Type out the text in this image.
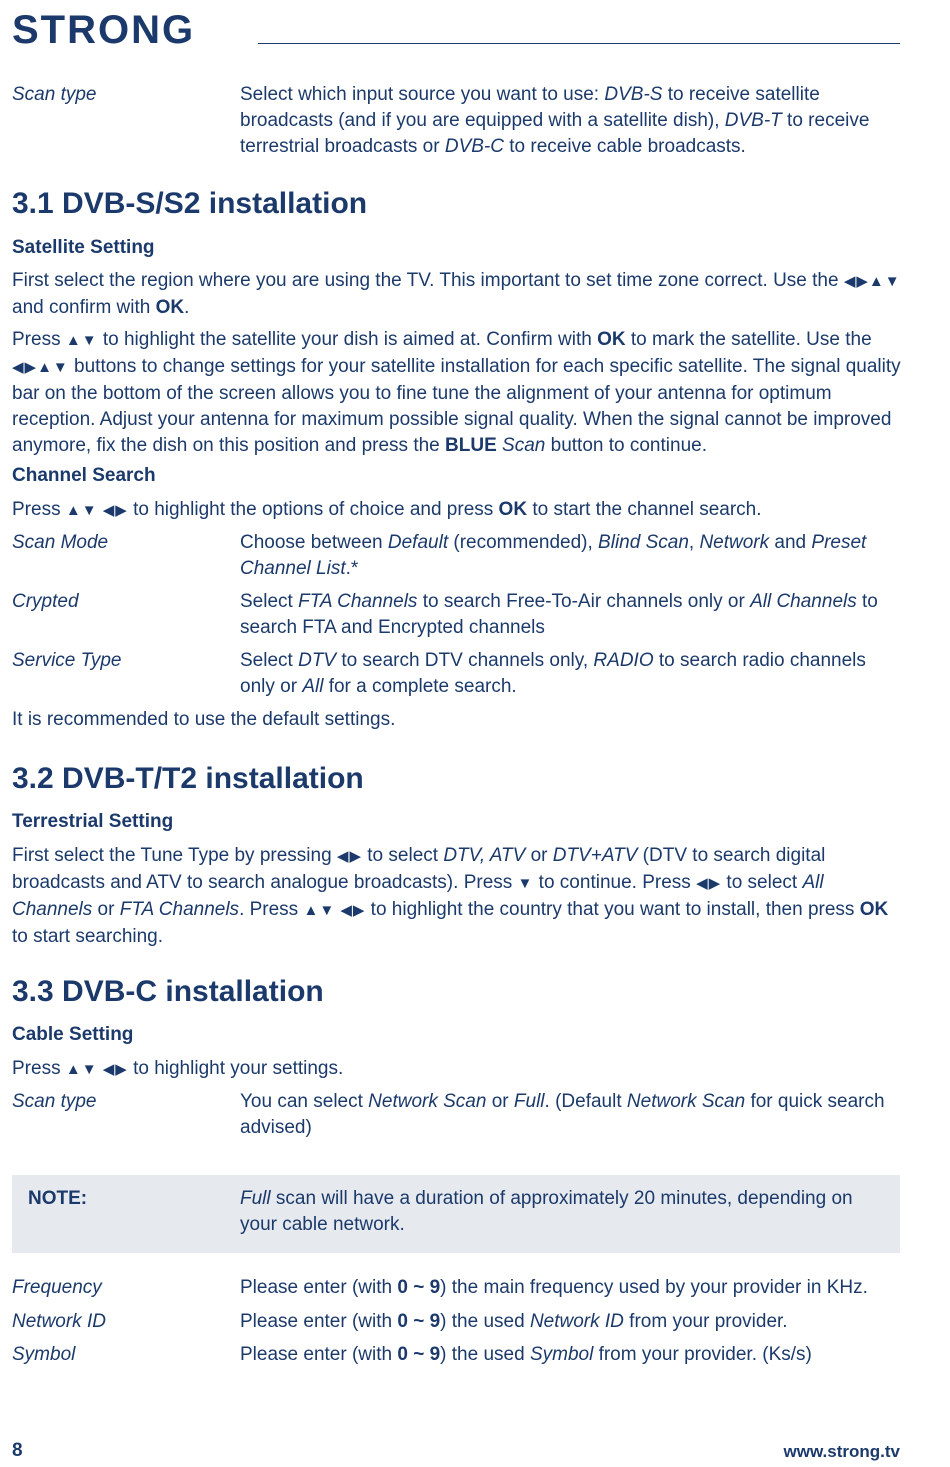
STRONG
Scan type	Select which input source you want to use: DVB-S to receive satellite broadcasts (and if you are equipped with a satellite dish), DVB-T to receive terrestrial broadcasts or DVB-C to receive cable broadcasts.
3.1 DVB-S/S2 installation
Satellite Setting
First select the region where you are using the TV. This important to set time zone correct. Use the ◀▶▲▼ and confirm with OK.
Press ▲▼ to highlight the satellite your dish is aimed at. Confirm with OK to mark the satellite. Use the ◀▶▲▼ buttons to change settings for your satellite installation for each specific satellite. The signal quality bar on the bottom of the screen allows you to fine tune the alignment of your antenna for optimum reception. Adjust your antenna for maximum possible signal quality. When the signal cannot be improved anymore, fix the dish on this position and press the BLUE Scan button to continue.
Channel Search
Press ▲▼ ◀▶ to highlight the options of choice and press OK to start the channel search.
Scan Mode	Choose between Default (recommended), Blind Scan, Network and Preset Channel List.*
Crypted	Select FTA Channels to search Free-To-Air channels only or All Channels to search FTA and Encrypted channels
Service Type	Select DTV to search DTV channels only, RADIO to search radio channels only or All for a complete search.
It is recommended to use the default settings.
3.2 DVB-T/T2 installation
Terrestrial Setting
First select the Tune Type by pressing ◀▶ to select DTV, ATV or DTV+ATV (DTV to search digital broadcasts and ATV to search analogue broadcasts). Press ▼ to continue. Press ◀▶ to select All Channels or FTA Channels. Press ▲▼ ◀▶ to highlight the country that you want to install, then press OK to start searching.
3.3 DVB-C installation
Cable Setting
Press ▲▼ ◀▶ to highlight your settings.
Scan type	You can select Network Scan or Full. (Default Network Scan for quick search advised)
NOTE:	Full scan will have a duration of approximately 20 minutes, depending on your cable network.
Frequency	Please enter (with 0 ~ 9) the main frequency used by your provider in KHz.
Network ID	Please enter (with 0 ~ 9) the used Network ID from your provider.
Symbol	Please enter (with 0 ~ 9) the used Symbol from your provider. (Ks/s)
8	www.strong.tv
